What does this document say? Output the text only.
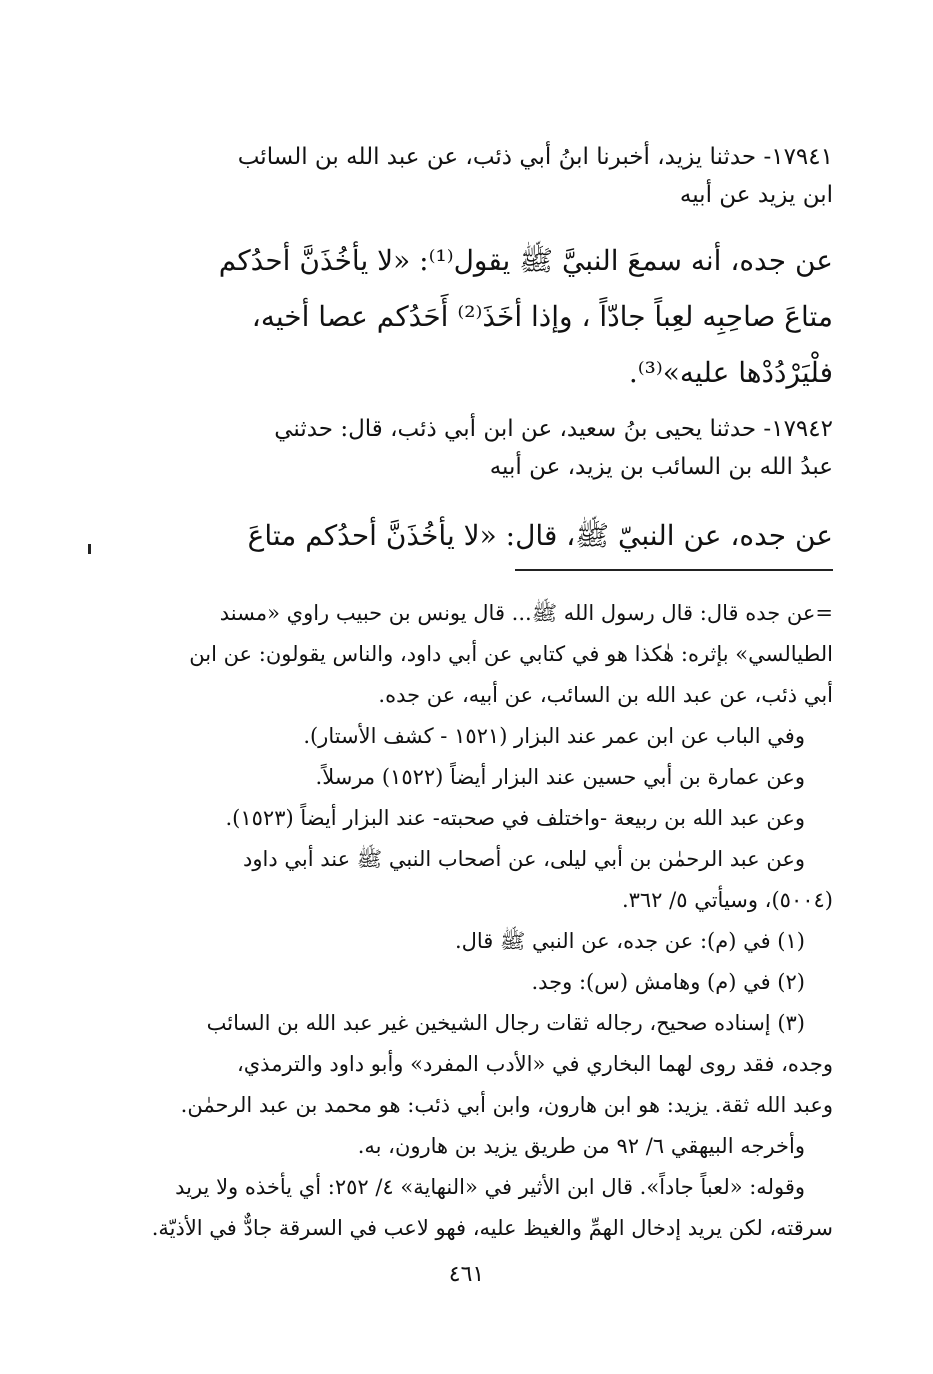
١٧٩٤١- حدثنا يزيد، أخبرنا ابنُ أبي ذئب، عن عبد الله بن السائب
ابن يزيد عن أبيه
عن جده، أنه سمعَ النبيَّ ﷺ يقول⁽¹⁾: «لا يأخُذَنَّ أحدُكم
متاعَ صاحِبِه لعِباً جادّاً ، وإذا أخَذَ⁽²⁾ أَحَدُكم عصا أخيه،
فلْيَرْدُدْها عليه»⁽³⁾.
١٧٩٤٢- حدثنا يحيى بنُ سعيد، عن ابن أبي ذئب، قال: حدثني
عبدُ الله بن السائب بن يزيد، عن أبيه
عن جده، عن النبيّ ﷺ، قال: «لا يأخُذَنَّ أحدُكم متاعَ
=عن جده قال: قال رسول الله ﷺ... قال يونس بن حبيب راوي «مسند
الطيالسي» بإثره: هٰكذا هو في كتابي عن أبي داود، والناس يقولون: عن ابن
أبي ذئب، عن عبد الله بن السائب، عن أبيه، عن جده.
وفي الباب عن ابن عمر عند البزار (١٥٢١ - كشف الأستار).
وعن عمارة بن أبي حسين عند البزار أيضاً (١٥٢٢) مرسلاً.
وعن عبد الله بن ربيعة -واختلف في صحبته- عند البزار أيضاً (١٥٢٣).
وعن عبد الرحمٰن بن أبي ليلى، عن أصحاب النبي ﷺ عند أبي داود
(٥٠٠٤)، وسيأتي ٥/ ٣٦٢.
(١) في (م): عن جده، عن النبي ﷺ قال.
(٢) في (م) وهامش (س): وجد.
(٣) إسناده صحيح، رجاله ثقات رجال الشيخين غير عبد الله بن السائب
وجده، فقد روى لهما البخاري في «الأدب المفرد» وأبو داود والترمذي،
وعبد الله ثقة. يزيد: هو ابن هارون، وابن أبي ذئب: هو محمد بن عبد الرحمٰن.
وأخرجه البيهقي ٦/ ٩٢ من طريق يزيد بن هارون، به.
وقوله: «لعباً جاداً». قال ابن الأثير في «النهاية» ٤/ ٢٥٢: أي يأخذه ولا يريد
سرقته، لكن يريد إدخال الهمِّ والغيظ عليه، فهو لاعب في السرقة جادٌّ في الأذيّة.
٤٦١
